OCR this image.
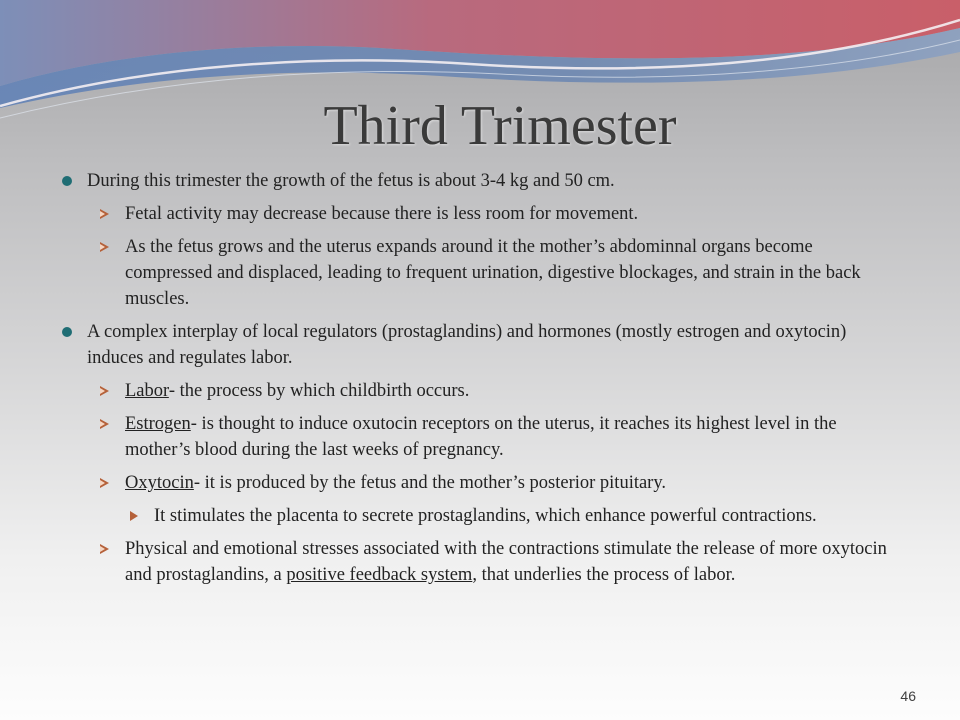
Third Trimester
During this trimester the growth of the fetus is about 3-4 kg and 50 cm.
Fetal activity may decrease because there is less room for movement.
As the fetus grows and the uterus expands around it the mother’s abdominnal organs become compressed and displaced, leading to frequent urination, digestive blockages, and strain in the back muscles.
A complex interplay of local regulators (prostaglandins) and hormones (mostly estrogen and oxytocin) induces and regulates labor.
Labor- the process by which childbirth occurs.
Estrogen- is thought to induce oxutocin receptors on the uterus, it reaches its highest level in the mother’s blood during the last weeks of pregnancy.
Oxytocin- it is produced by the fetus and the mother’s posterior pituitary.
It stimulates the placenta to secrete prostaglandins, which enhance powerful contractions.
Physical and emotional stresses associated with the contractions stimulate the release of more oxytocin and prostaglandins, a positive feedback system, that underlies the process of labor.
46
